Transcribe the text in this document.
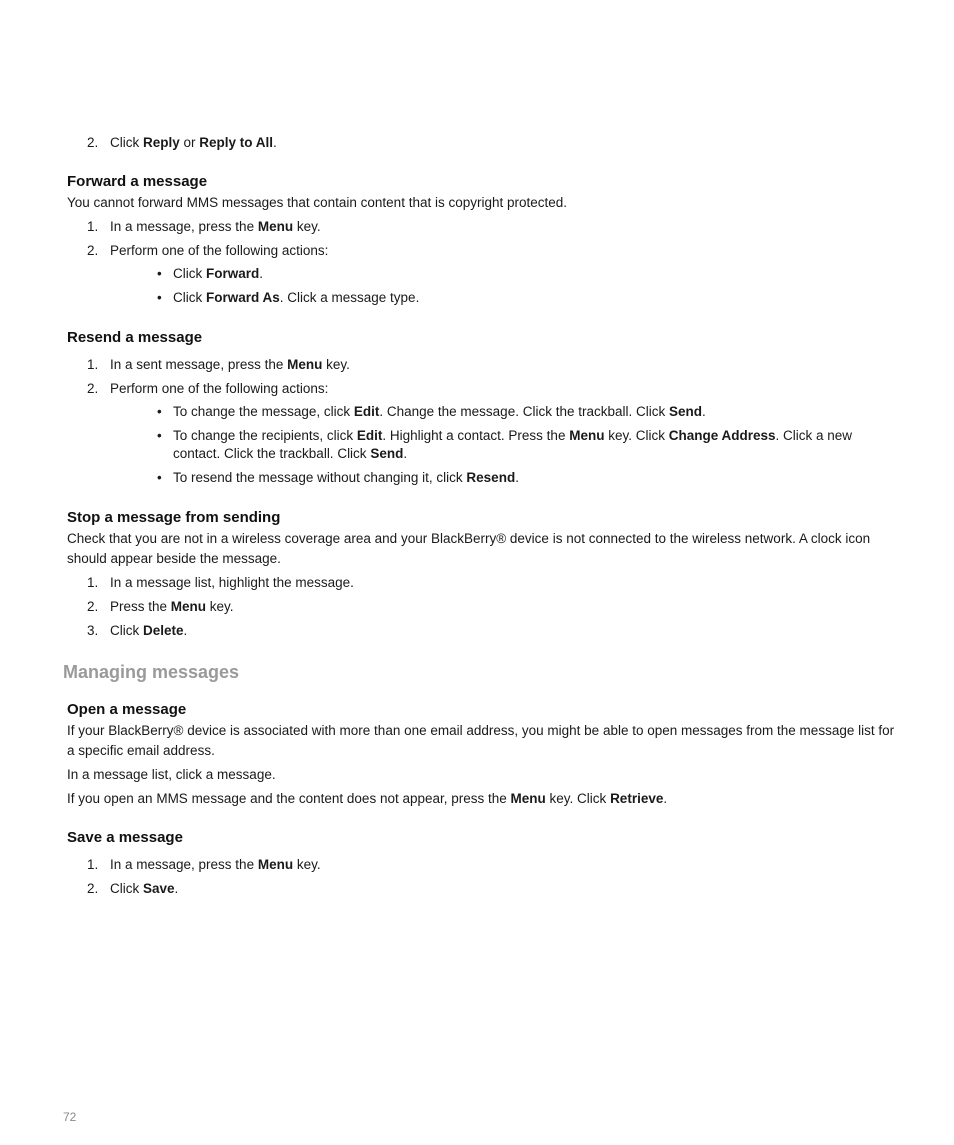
2. Click Reply or Reply to All.
Forward a message

You cannot forward MMS messages that contain content that is copyright protected.

1. In a message, press the Menu key.
2. Perform one of the following actions:
• Click Forward.
• Click Forward As. Click a message type.
Resend a message
1. In a sent message, press the Menu key.
2. Perform one of the following actions:
• To change the message, click Edit. Change the message. Click the trackball. Click Send.
• To change the recipients, click Edit. Highlight a contact. Press the Menu key. Click Change Address. Click a new contact. Click the trackball. Click Send.
• To resend the message without changing it, click Resend.
Stop a message from sending

Check that you are not in a wireless coverage area and your BlackBerry® device is not connected to the wireless network. A clock icon should appear beside the message.

1. In a message list, highlight the message.
2. Press the Menu key.
3. Click Delete.
Managing messages
Open a message

If your BlackBerry® device is associated with more than one email address, you might be able to open messages from the message list for a specific email address.

In a message list, click a message.

If you open an MMS message and the content does not appear, press the Menu key. Click Retrieve.

Save a message
1. In a message, press the Menu key.
2. Click Save.
72
